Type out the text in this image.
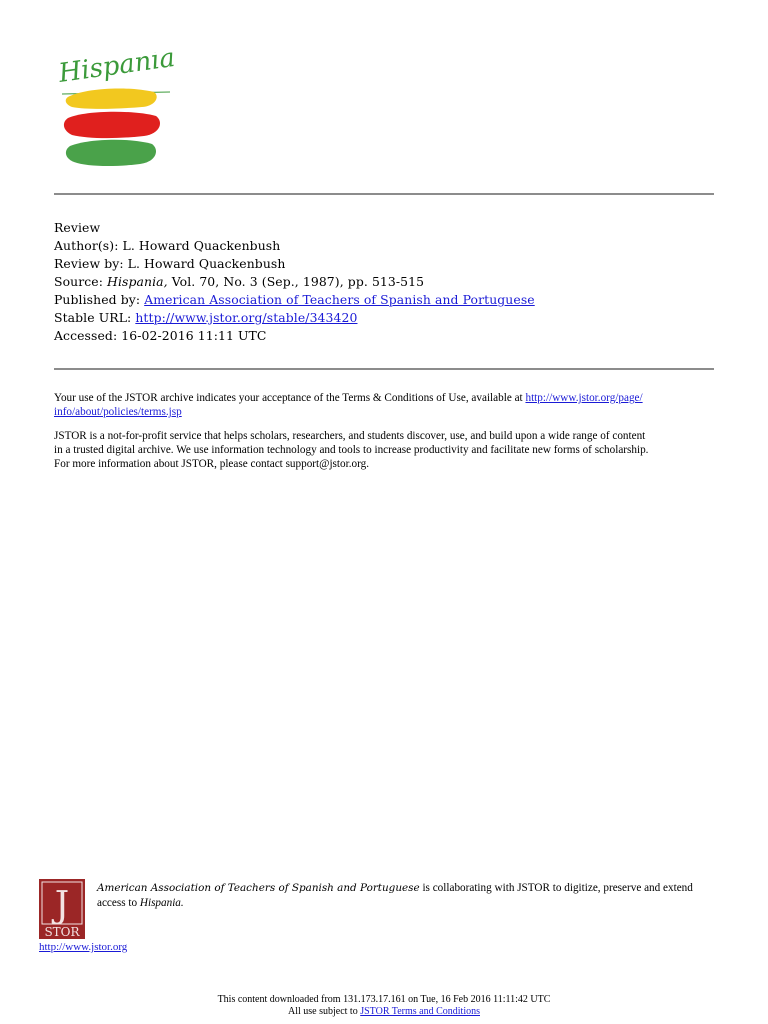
Hispania
Review
Author(s): L. Howard Quackenbush
Review by: L. Howard Quackenbush
Source: Hispania, Vol. 70, No. 3 (Sep., 1987), pp. 513-515
Published by: American Association of Teachers of Spanish and Portuguese
Stable URL: http://www.jstor.org/stable/343420
Accessed: 16-02-2016 11:11 UTC

Your use of the JSTOR archive indicates your acceptance of the Terms & Conditions of Use, available at http://www.jstor.org/page/
info/about/policies/terms.jsp

JSTOR is a not-for-profit service that helps scholars, researchers, and students discover, use, and build upon a wide range of content
in a trusted digital archive. We use information technology and tools to increase productivity and facilitate new forms of scholarship.
For more information about JSTOR, please contact support@jstor.org.

J
STOR
http://www.jstor.org
American Association of Teachers of Spanish and Portuguese is collaborating with JSTOR to digitize, preserve and extend
access to Hispania.
This content downloaded from 131.173.17.161 on Tue, 16 Feb 2016 11:11:42 UTC
All use subject to JSTOR Terms and Conditions
